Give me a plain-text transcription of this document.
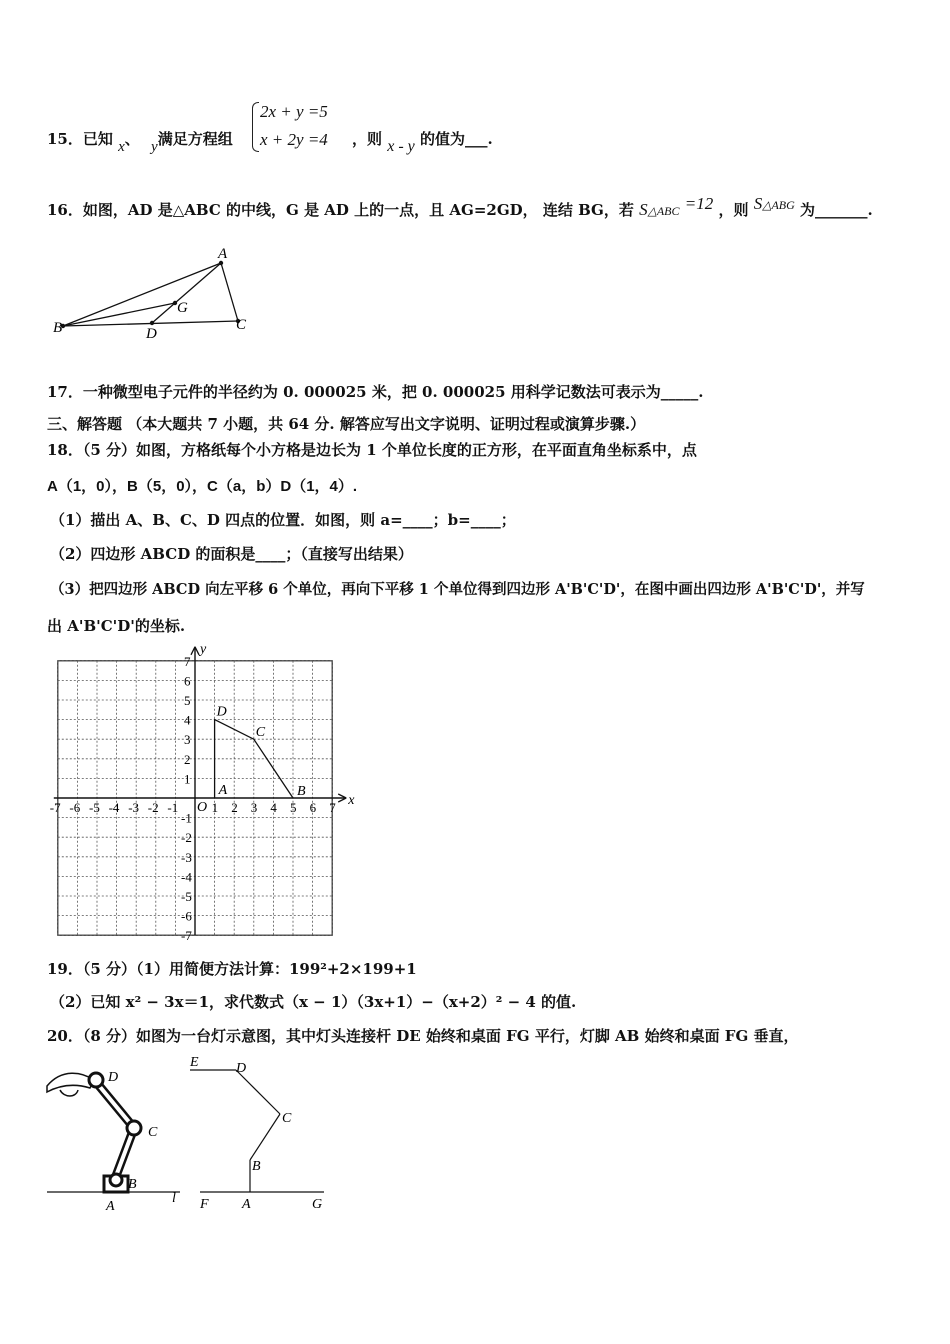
15．已知 x、 y满足方程组
2x + y =5
x + 2y =4 ，则 x - y 的值为___.
16．如图，AD 是△ABC 的中线，G 是 AD 上的一点，且 AG=2GD， 连结 BG，若 S△ABC =12 ，则 $S^{\triangle ABG}$ 为_______.
A
G
B	D
C
17．一种微型电子元件的半径约为 0. 000025 米，把 0. 000025 用科学记数法可表示为_____.
三、解答题 （本大题共 7 小题，共 64 分. 解答应写出文字说明、证明过程或演算步骤.）
18．（5 分）如图，方格纸每个小方格是边长为 1 个单位长度的正方形，在平面直角坐标系中，点
A（1，0），B（5，0），C（a，b）D（1，4）.
（1）描出 A、B、C、D 四点的位置．如图，则 a=____；b=____；
（2）四边形 ABCD 的面积是____；（直接写出结果）
（3）把四边形 ABCD 向左平移 6 个单位，再向下平移 1 个单位得到四边形 A'B'C'D'，在图中画出四边形 A'B'C'D'，并写
出 A'B'C'D'的坐标.
x
y
O
-7 -6 -5 -4 -3 -2 -1	1 2 3 4 5 6 7
7
6
5
4
3
2
1
-1
-2
-3
-4
-5
-6
-7
A	B
C
D
19．（5 分）（1）用简便方法计算：199²+2×199+1
（2）已知 x² − 3x＝1，求代数式（x − 1）（3x+1）−（x+2）² − 4 的值.
20．（8 分）如图为一台灯示意图，其中灯头连接杆 DE 始终和桌面 FG 平行，灯脚 AB 始终和桌面 FG 垂直，
D
C
B
A
l
E	D
C
B
F A	G
